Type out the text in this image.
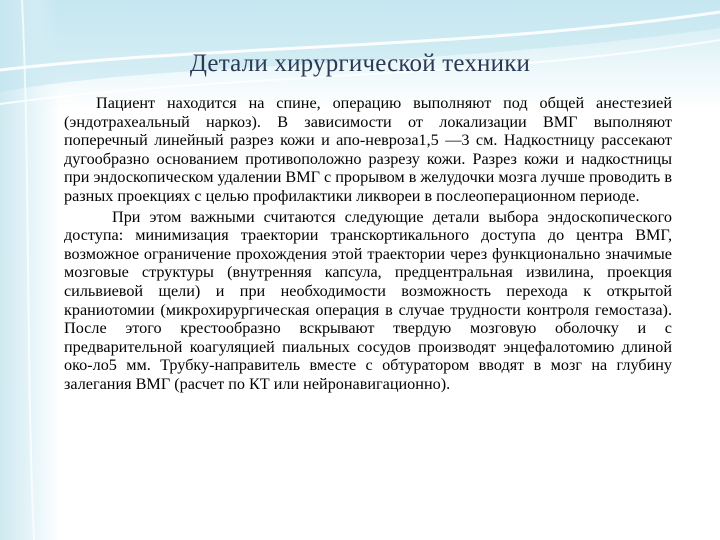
Детали хирургической техники

Пациент находится на спине, операцию выполняют под общей анестезией (эндотрахеальный наркоз). В зависимости от локализации ВМГ выполняют поперечный линейный разрез кожи и апо-невроза1,5 —3 см. Надкостницу рассекают дугообразно основанием противоположно разрезу кожи. Разрез кожи и надкостницы при эндоскопическом удалении ВМГ с прорывом в желудочки мозга лучше проводить в разных проекциях с целью профилактики ликвореи в послеоперационном периоде.

При этом важными считаются следующие детали выбора эндоскопического доступа: минимизация траектории транскортикального доступа до центра ВМГ, возможное ограничение прохождения этой траектории через функционально значимые мозговые структуры (внутренняя капсула, предцентральная извилина, проекция сильвиевой щели) и при необходимости возможность перехода к открытой краниотомии (микрохирургическая операция в случае трудности контроля гемостаза). После этого крестообразно вскрывают твердую мозговую оболочку и с предварительной коагуляцией пиальных сосудов производят энцефалотомию длиной око-ло5 мм. Трубку-направитель вместе с обтуратором вводят в мозг на глубину залегания ВМГ (расчет по КТ или нейронавигационно).
